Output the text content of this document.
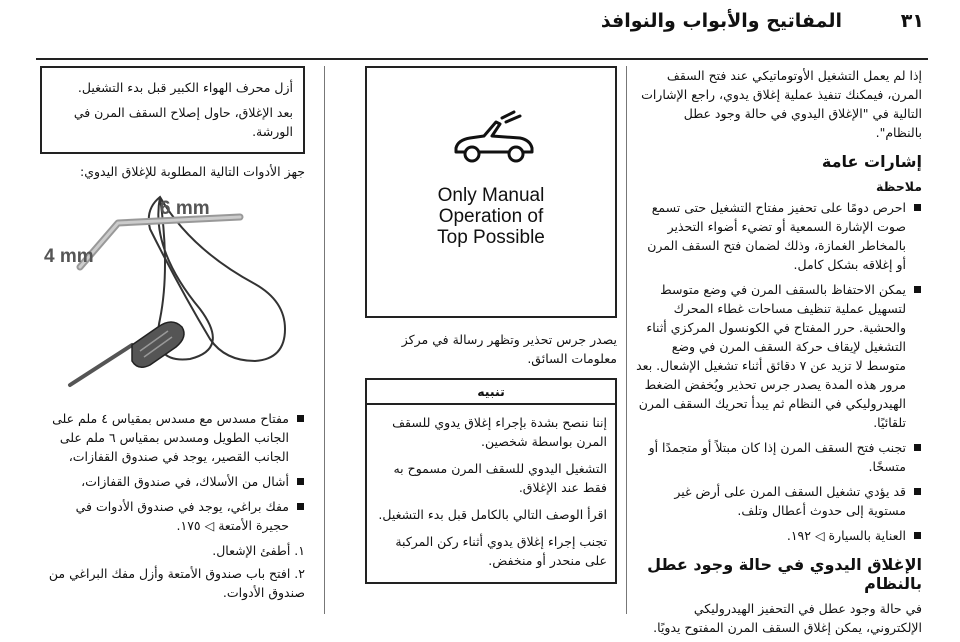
٣١
المفاتيح والأبواب والنوافذ

إذا لم يعمل التشغيل الأوتوماتيكي عند فتح السقف المرن، فيمكنك تنفيذ عملية إغلاق يدوي، راجع الإشارات التالية في "الإغلاق اليدوي في حالة وجود عطل بالنظام".

إشارات عامة
ملاحظة
احرص دومًا على تحفيز مفتاح التشغيل حتى تسمع صوت الإشارة السمعية أو تضيء أضواء التحذير بالمخاطر الغمازة، وذلك لضمان فتح السقف المرن أو إغلاقه بشكل كامل.
يمكن الاحتفاظ بالسقف المرن في وضع متوسط لتسهيل عملية تنظيف مساحات غطاء المحرك والحشية. حرر المفتاح في الكونسول المركزي أثناء التشغيل لإيقاف حركة السقف المرن في وضع متوسط لا تزيد عن ٧ دقائق أثناء تشغيل الإشعال. بعد مرور هذه المدة يصدر جرس تحذير ويُخفض الضغط الهيدروليكي في النظام ثم يبدأ تحريك السقف المرن تلقائيًا.
تجنب فتح السقف المرن إذا كان مبتلاً أو متجمدًا أو متسخًا.
قد يؤدي تشغيل السقف المرن على أرض غير مستوية إلى حدوث أعطال وتلف.
العناية بالسيارة ◁ ١٩٢.
الإغلاق اليدوي في حالة وجود عطل بالنظام

في حالة وجود عطل في التحفيز الهيدروليكي الإلكتروني، يمكن إغلاق السقف المرن المفتوح يدويًا.

Only Manual
Operation of
Top Possible

يصدر جرس تحذير وتظهر رسالة في مركز معلومات السائق.

تنبيه

إننا ننصح بشدة بإجراء إغلاق يدوي للسقف المرن بواسطة شخصين.

التشغيل اليدوي للسقف المرن مسموح به فقط عند الإغلاق.

اقرأ الوصف التالي بالكامل قبل بدء التشغيل.

تجنب إجراء إغلاق يدوي أثناء ركن المركبة على منحدر أو منخفض.

أزل محرف الهواء الكبير قبل بدء التشغيل.

بعد الإغلاق، حاول إصلاح السقف المرن في الورشة.

جهز الأدوات التالية المطلوبة للإغلاق اليدوي:

6 mm
4 mm
مفتاح مسدس مع مسدس بمقياس ٤ ملم على الجانب الطويل ومسدس بمقياس ٦ ملم على الجانب القصير، يوجد في صندوق القفازات،
أشال من الأسلاك، في صندوق القفازات،
مفك براغي، يوجد في صندوق الأدوات في حجيرة الأمتعة ◁ ١٧٥.
١. أطفئ الإشعال.
٢. افتح باب صندوق الأمتعة وأزل مفك البراغي من صندوق الأدوات.
